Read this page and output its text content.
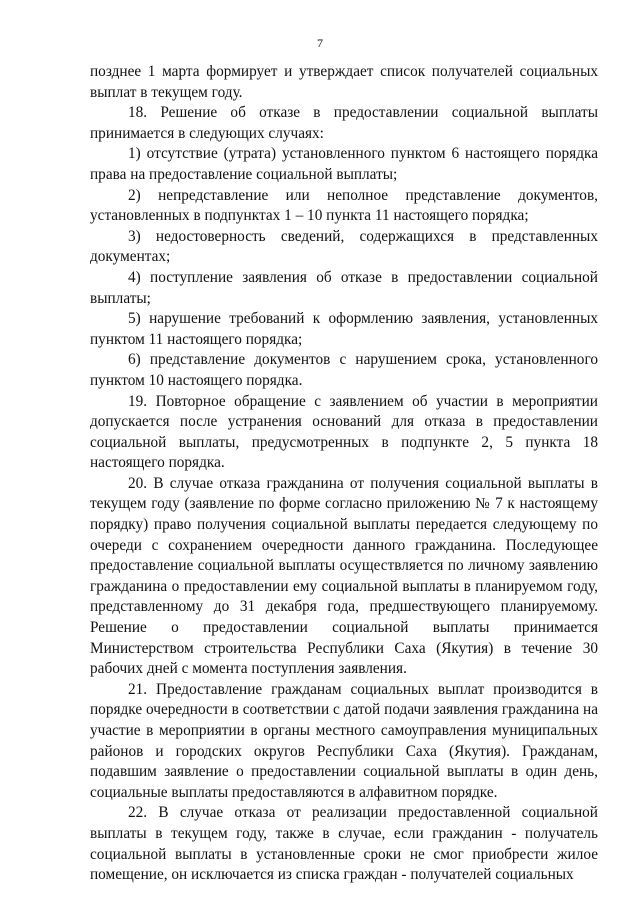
7

позднее 1 марта формирует и утверждает список получателей социальных выплат в текущем году.

18. Решение об отказе в предоставлении социальной выплаты принимается в следующих случаях:

1) отсутствие (утрата) установленного пунктом 6 настоящего порядка права на предоставление социальной выплаты;

2) непредставление или неполное представление документов, установленных в подпунктах 1 – 10 пункта 11 настоящего порядка;

3) недостоверность сведений, содержащихся в представленных документах;

4) поступление заявления об отказе в предоставлении социальной выплаты;

5) нарушение требований к оформлению заявления, установленных пунктом 11 настоящего порядка;

6) представление документов с нарушением срока, установленного пунктом 10 настоящего порядка.

19. Повторное обращение с заявлением об участии в мероприятии допускается после устранения оснований для отказа в предоставлении социальной выплаты, предусмотренных в подпункте 2, 5 пункта 18 настоящего порядка.

20. В случае отказа гражданина от получения социальной выплаты в текущем году (заявление по форме согласно приложению № 7 к настоящему порядку) право получения социальной выплаты передается следующему по очереди с сохранением очередности данного гражданина. Последующее предоставление социальной выплаты осуществляется по личному заявлению гражданина о предоставлении ему социальной выплаты в планируемом году, представленному до 31 декабря года, предшествующего планируемому. Решение о предоставлении социальной выплаты принимается Министерством строительства Республики Саха (Якутия) в течение 30 рабочих дней с момента поступления заявления.

21. Предоставление гражданам социальных выплат производится в порядке очередности в соответствии с датой подачи заявления гражданина на участие в мероприятии в органы местного самоуправления муниципальных районов и городских округов Республики Саха (Якутия). Гражданам, подавшим заявление о предоставлении социальной выплаты в один день, социальные выплаты предоставляются в алфавитном порядке.

22. В случае отказа от реализации предоставленной социальной выплаты в текущем году, также в случае, если гражданин - получатель социальной выплаты в установленные сроки не смог приобрести жилое помещение, он исключается из списка граждан - получателей социальных
